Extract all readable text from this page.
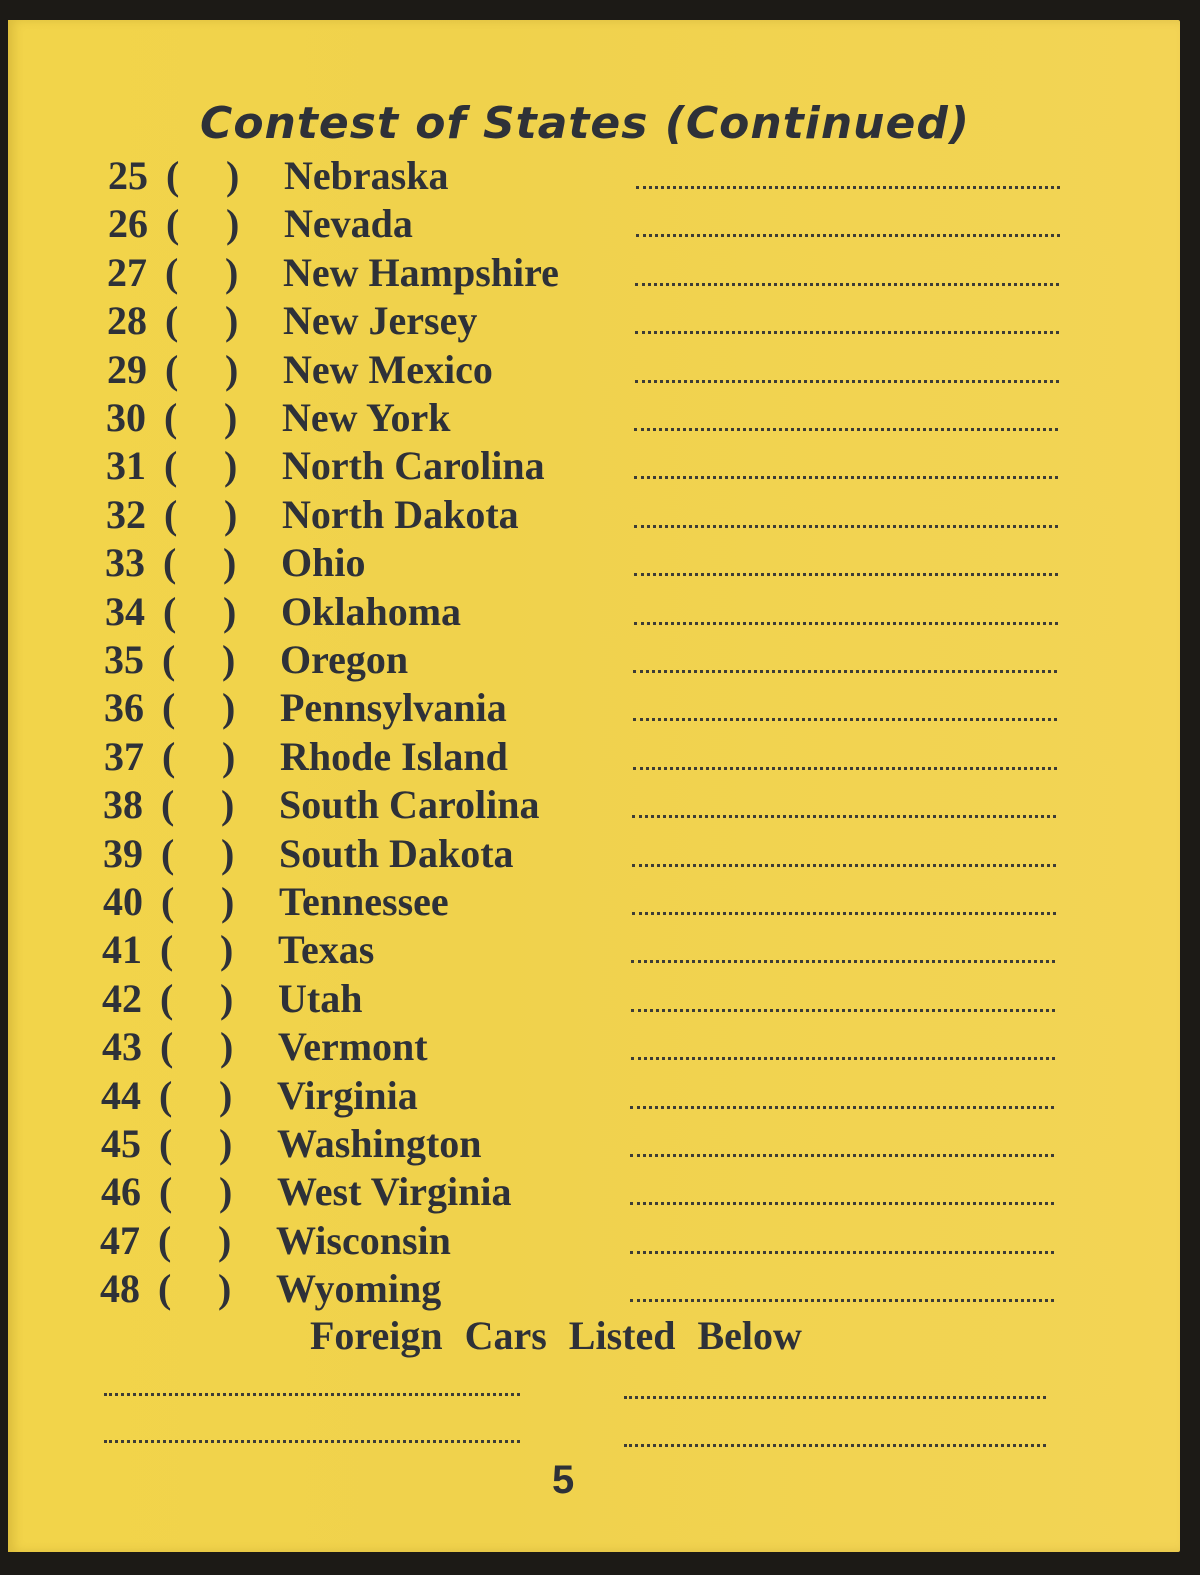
Contest of States (Continued)
25 ( ) Nebraska
26 ( ) Nevada
27 ( ) New Hampshire
28 ( ) New Jersey
29 ( ) New Mexico
30 ( ) New York
31 ( ) North Carolina
32 ( ) North Dakota
33 ( ) Ohio
34 ( ) Oklahoma
35 ( ) Oregon
36 ( ) Pennsylvania
37 ( ) Rhode Island
38 ( ) South Carolina
39 ( ) South Dakota
40 ( ) Tennessee
41 ( ) Texas
42 ( ) Utah
43 ( ) Vermont
44 ( ) Virginia
45 ( ) Washington
46 ( ) West Virginia
47 ( ) Wisconsin
48 ( ) Wyoming
Foreign Cars Listed Below
5
